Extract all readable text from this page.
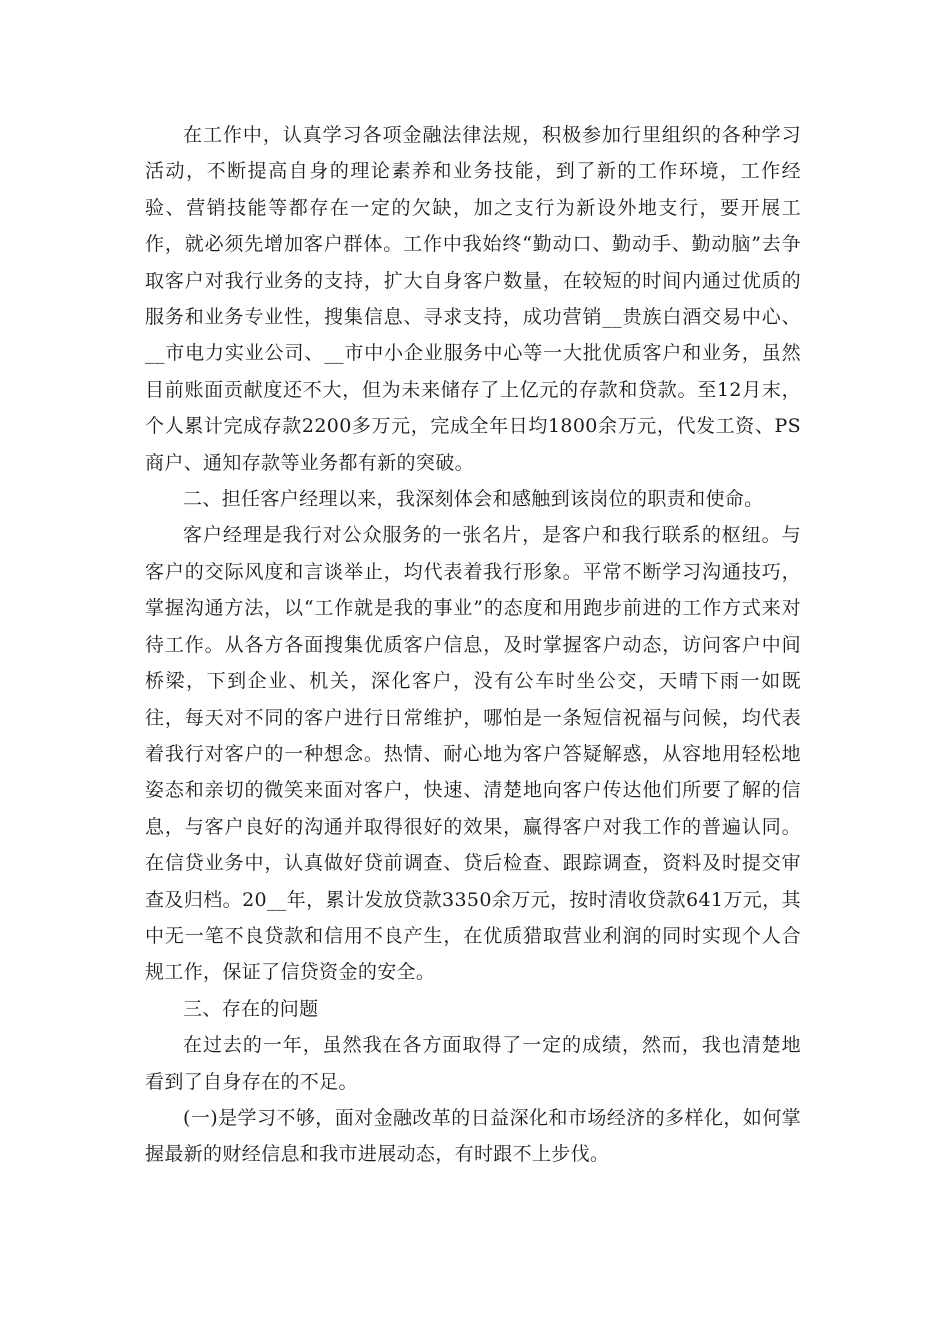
在工作中，认真学习各项金融法律法规，积极参加行里组织的各种学习活动，不断提高自身的理论素养和业务技能，到了新的工作环境，工作经验、营销技能等都存在一定的欠缺，加之支行为新设外地支行，要开展工作，就必须先增加客户群体。工作中我始终“勤动口、勤动手、勤动脑”去争取客户对我行业务的支持，扩大自身客户数量，在较短的时间内通过优质的服务和业务专业性，搜集信息、寻求支持，成功营销__贵族白酒交易中心、__市电力实业公司、__市中小企业服务中心等一大批优质客户和业务，虽然目前账面贡献度还不大，但为未来储存了上亿元的存款和贷款。至12月末，个人累计完成存款2200多万元，完成全年日均1800余万元，代发工资、PS商户、通知存款等业务都有新的突破。

二、担任客户经理以来，我深刻体会和感触到该岗位的职责和使命。

客户经理是我行对公众服务的一张名片，是客户和我行联系的枢纽。与客户的交际风度和言谈举止，均代表着我行形象。平常不断学习沟通技巧，掌握沟通方法，以“工作就是我的事业”的态度和用跑步前进的工作方式来对待工作。从各方各面搜集优质客户信息，及时掌握客户动态，访问客户中间桥梁，下到企业、机关，深化客户，没有公车时坐公交，天晴下雨一如既往，每天对不同的客户进行日常维护，哪怕是一条短信祝福与问候，均代表着我行对客户的一种想念。热情、耐心地为客户答疑解惑，从容地用轻松地姿态和亲切的微笑来面对客户，快速、清楚地向客户传达他们所要了解的信息，与客户良好的沟通并取得很好的效果，赢得客户对我工作的普遍认同。在信贷业务中，认真做好贷前调查、贷后检查、跟踪调查，资料及时提交审查及归档。20__年，累计发放贷款3350余万元，按时清收贷款641万元，其中无一笔不良贷款和信用不良产生，在优质猎取营业利润的同时实现个人合规工作，保证了信贷资金的安全。

三、存在的问题

在过去的一年，虽然我在各方面取得了一定的成绩，然而，我也清楚地看到了自身存在的不足。

(一)是学习不够，面对金融改革的日益深化和市场经济的多样化，如何掌握最新的财经信息和我市进展动态，有时跟不上步伐。
